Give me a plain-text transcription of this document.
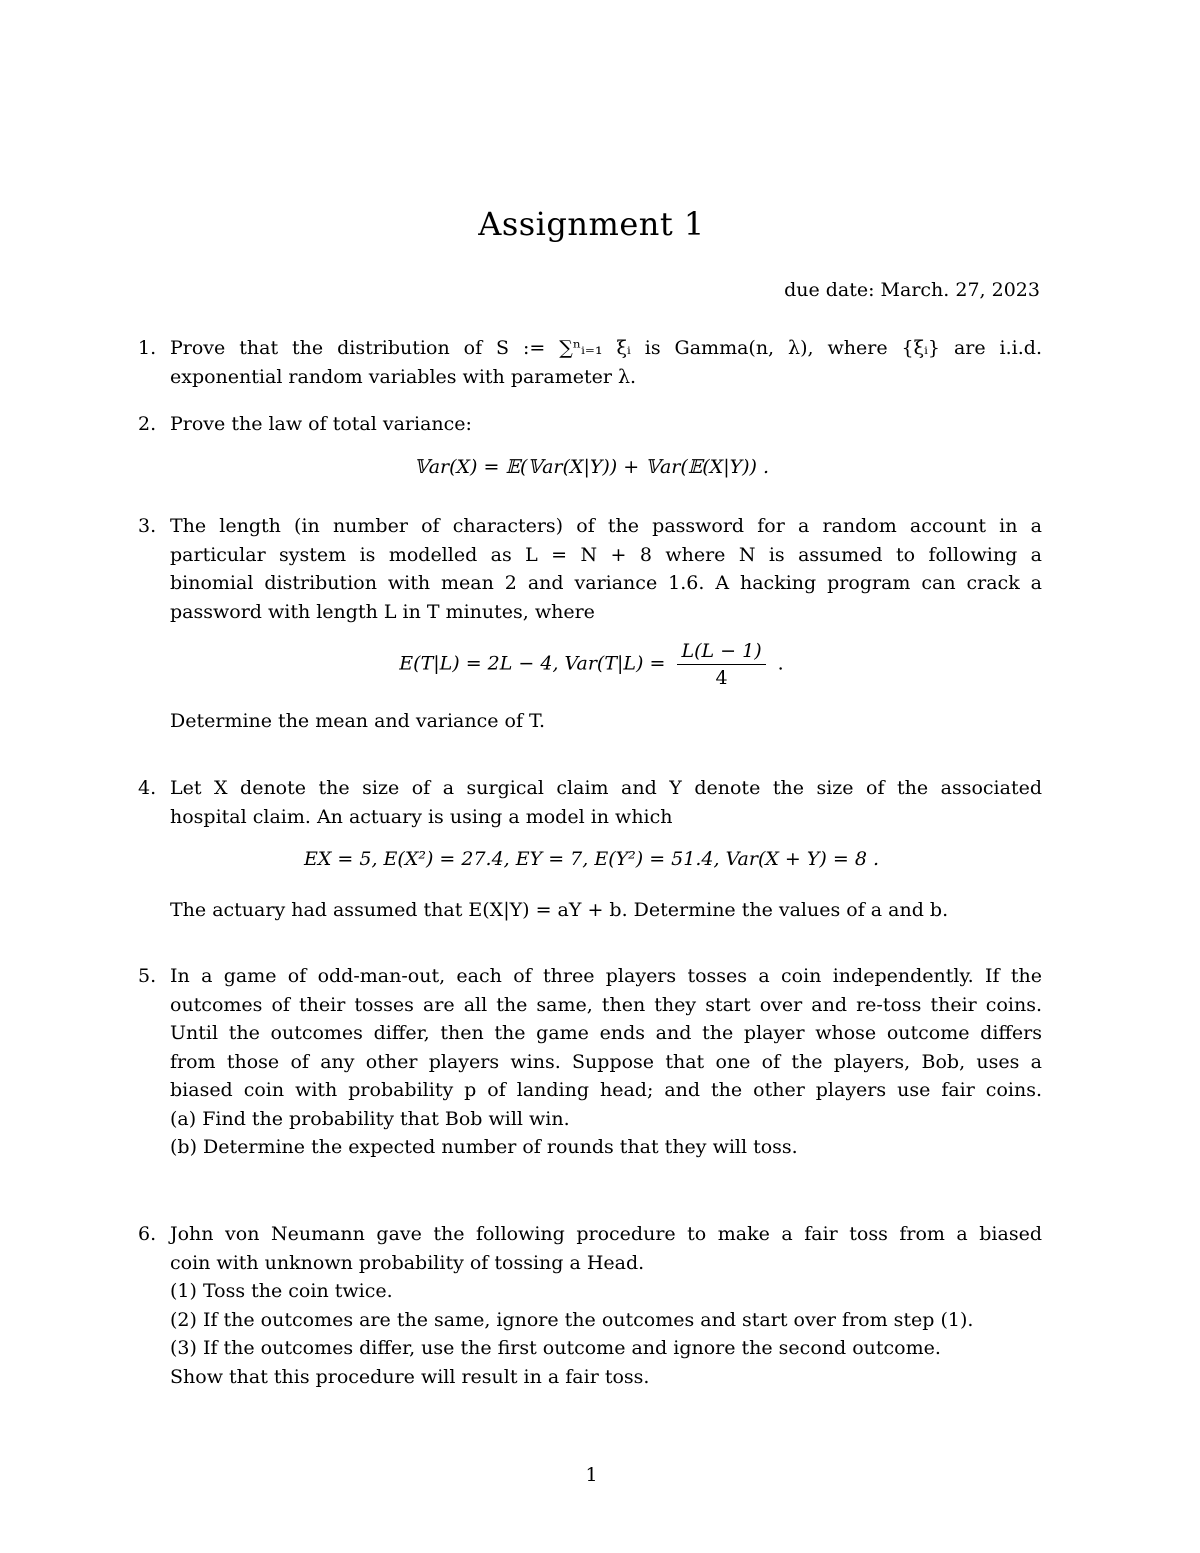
Assignment 1
due date: March. 27, 2023
1. Prove that the distribution of S := ∑ⁿᵢ₌₁ ξᵢ is Gamma(n, λ), where {ξᵢ} are i.i.d.
exponential random variables with parameter λ.
2. Prove the law of total variance:
𝕍ar(X) = 𝔼(𝕍ar(X|Y)) + 𝕍ar(𝔼(X|Y)) .
3. The length (in number of characters) of the password for a random account in a
particular system is modelled as L = N + 8 where N is assumed to following a
binomial distribution with mean 2 and variance 1.6. A hacking program can crack a
password with length L in T minutes, where
E(T|L) = 2L − 4, $Var(T|L) = \frac{L(L - 1)}{4}$ .
Determine the mean and variance of T.
4. Let X denote the size of a surgical claim and Y denote the size of the associated
hospital claim. An actuary is using a model in which
EX = 5, E(X²) = 27.4, EY = 7, E(Y²) = 51.4, Var(X + Y) = 8 .
The actuary had assumed that E(X|Y) = aY + b. Determine the values of a and b.
5. In a game of odd-man-out, each of three players tosses a coin independently. If the
outcomes of their tosses are all the same, then they start over and re-toss their coins.
Until the outcomes differ, then the game ends and the player whose outcome differs
from those of any other players wins. Suppose that one of the players, Bob, uses a
biased coin with probability p of landing head; and the other players use fair coins.
(a) Find the probability that Bob will win.
(b) Determine the expected number of rounds that they will toss.
6. John von Neumann gave the following procedure to make a fair toss from a biased
coin with unknown probability of tossing a Head.
(1) Toss the coin twice.
(2) If the outcomes are the same, ignore the outcomes and start over from step (1).
(3) If the outcomes differ, use the first outcome and ignore the second outcome.
Show that this procedure will result in a fair toss.
1
